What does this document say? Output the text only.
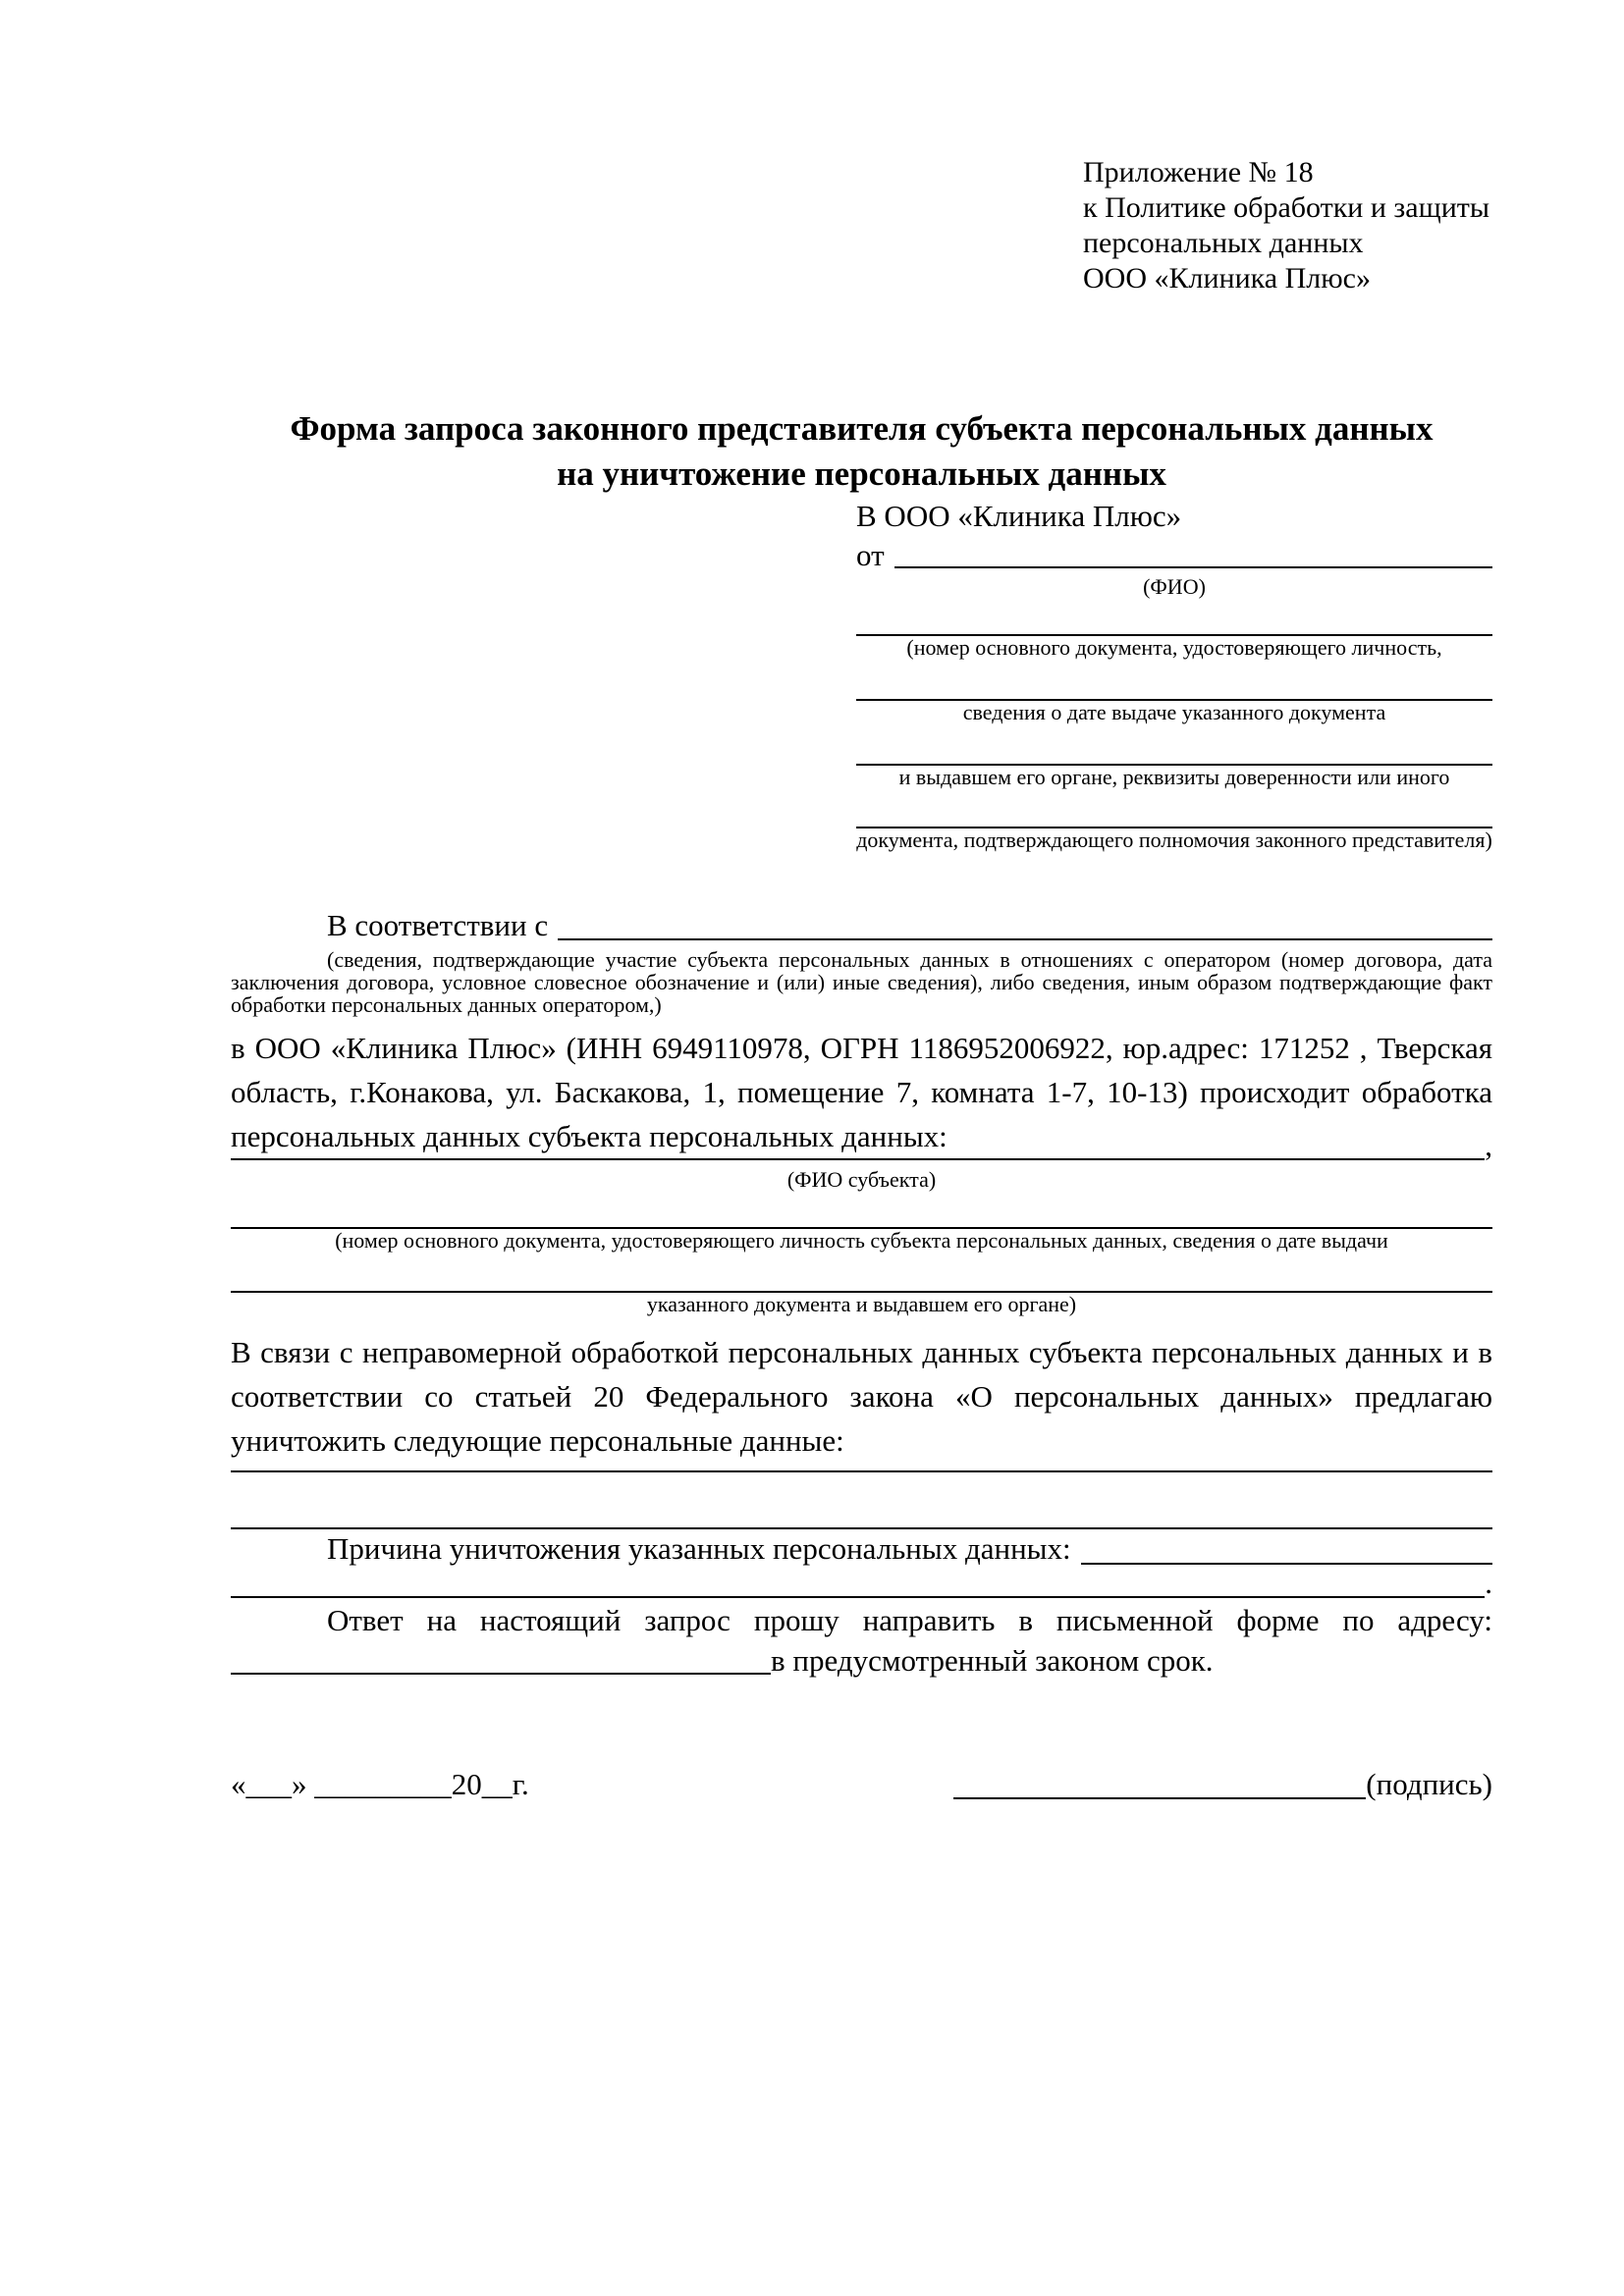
Приложение № 18
к Политике обработки и защиты
персональных данных
ООО «Клиника Плюс»
Форма запроса законного представителя субъекта персональных данных
на уничтожение персональных данных
В ООО «Клиника Плюс»
от
(ФИО)
(номер основного документа, удостоверяющего личность,
сведения о дате выдаче указанного документа
и выдавшем его органе, реквизиты доверенности или иного
документа, подтверждающего полномочия законного представителя)
В соответствии с
(сведения, подтверждающие участие субъекта персональных данных в отношениях с оператором (номер договора, дата заключения договора, условное словесное обозначение и (или) иные сведения), либо сведения, иным образом подтверждающие факт обработки персональных данных оператором,)
в ООО «Клиника Плюс» (ИНН 6949110978, ОГРН 1186952006922, юр.адрес: 171252 , Тверская область, г.Конакова, ул. Баскакова, 1, помещение 7, комната 1-7, 10-13) происходит обработка персональных данных субъекта персональных данных:	,
(ФИО субъекта)
(номер основного документа, удостоверяющего личность субъекта персональных данных, сведения о дате выдачи
указанного документа и выдавшем его органе)
В связи с неправомерной обработкой персональных данных субъекта персональных данных и в соответствии со статьей 20 Федерального закона «О персональных данных» предлагаю уничтожить следующие персональные данные:
Причина уничтожения указанных персональных данных:
.
Ответ на настоящий запрос прошу направить в письменной форме по адресу:
в предусмотренный законом срок.
«___» _________20__г.	(подпись)
